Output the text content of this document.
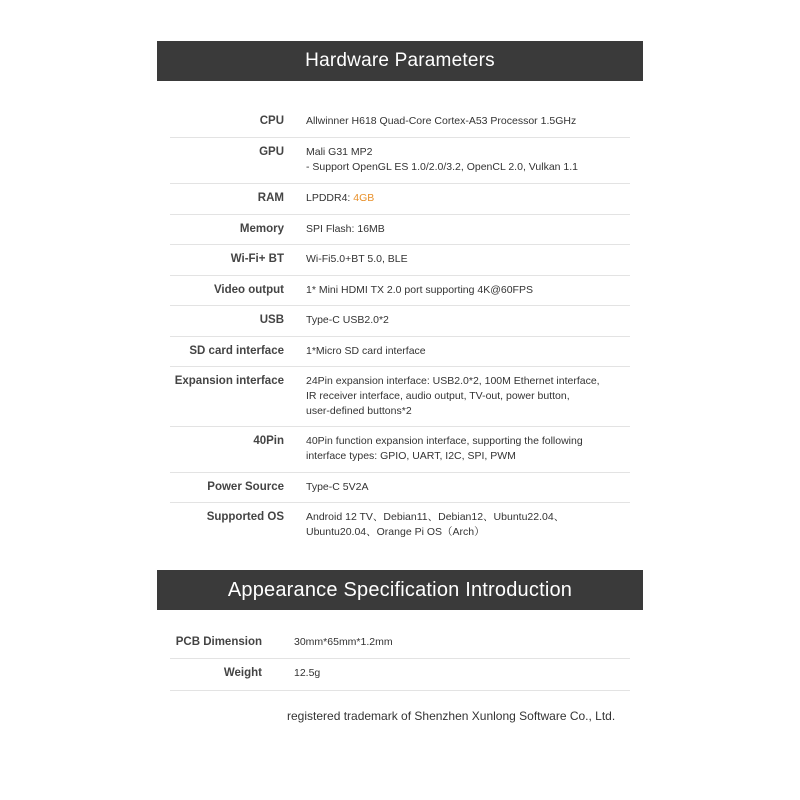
Hardware Parameters
CPU Allwinner H618 Quad-Core Cortex-A53 Processor 1.5GHz
GPU Mali G31 MP2
- Support OpenGL ES 1.0/2.0/3.2, OpenCL 2.0, Vulkan 1.1
RAM LPDDR4: 4GB
Memory SPI Flash: 16MB
Wi-Fi+ BT Wi-Fi5.0+BT 5.0, BLE
Video output 1* Mini HDMI TX 2.0 port supporting 4K@60FPS
USB Type-C USB2.0*2
SD card interface 1*Micro SD card interface
Expansion interface 24Pin expansion interface: USB2.0*2, 100M Ethernet interface,
IR receiver interface, audio output, TV-out, power button,
user-defined buttons*2
40Pin 40Pin function expansion interface, supporting the following
interface types: GPIO, UART, I2C, SPI, PWM
Power Source Type-C 5V2A
Supported OS Android 12 TV、Debian11、Debian12、Ubuntu22.04、
Ubuntu20.04、Orange Pi OS（Arch）
Appearance Specification Introduction
PCB Dimension	30mm*65mm*1.2mm
Weight	12.5g
registered trademark of Shenzhen Xunlong Software Co., Ltd.
